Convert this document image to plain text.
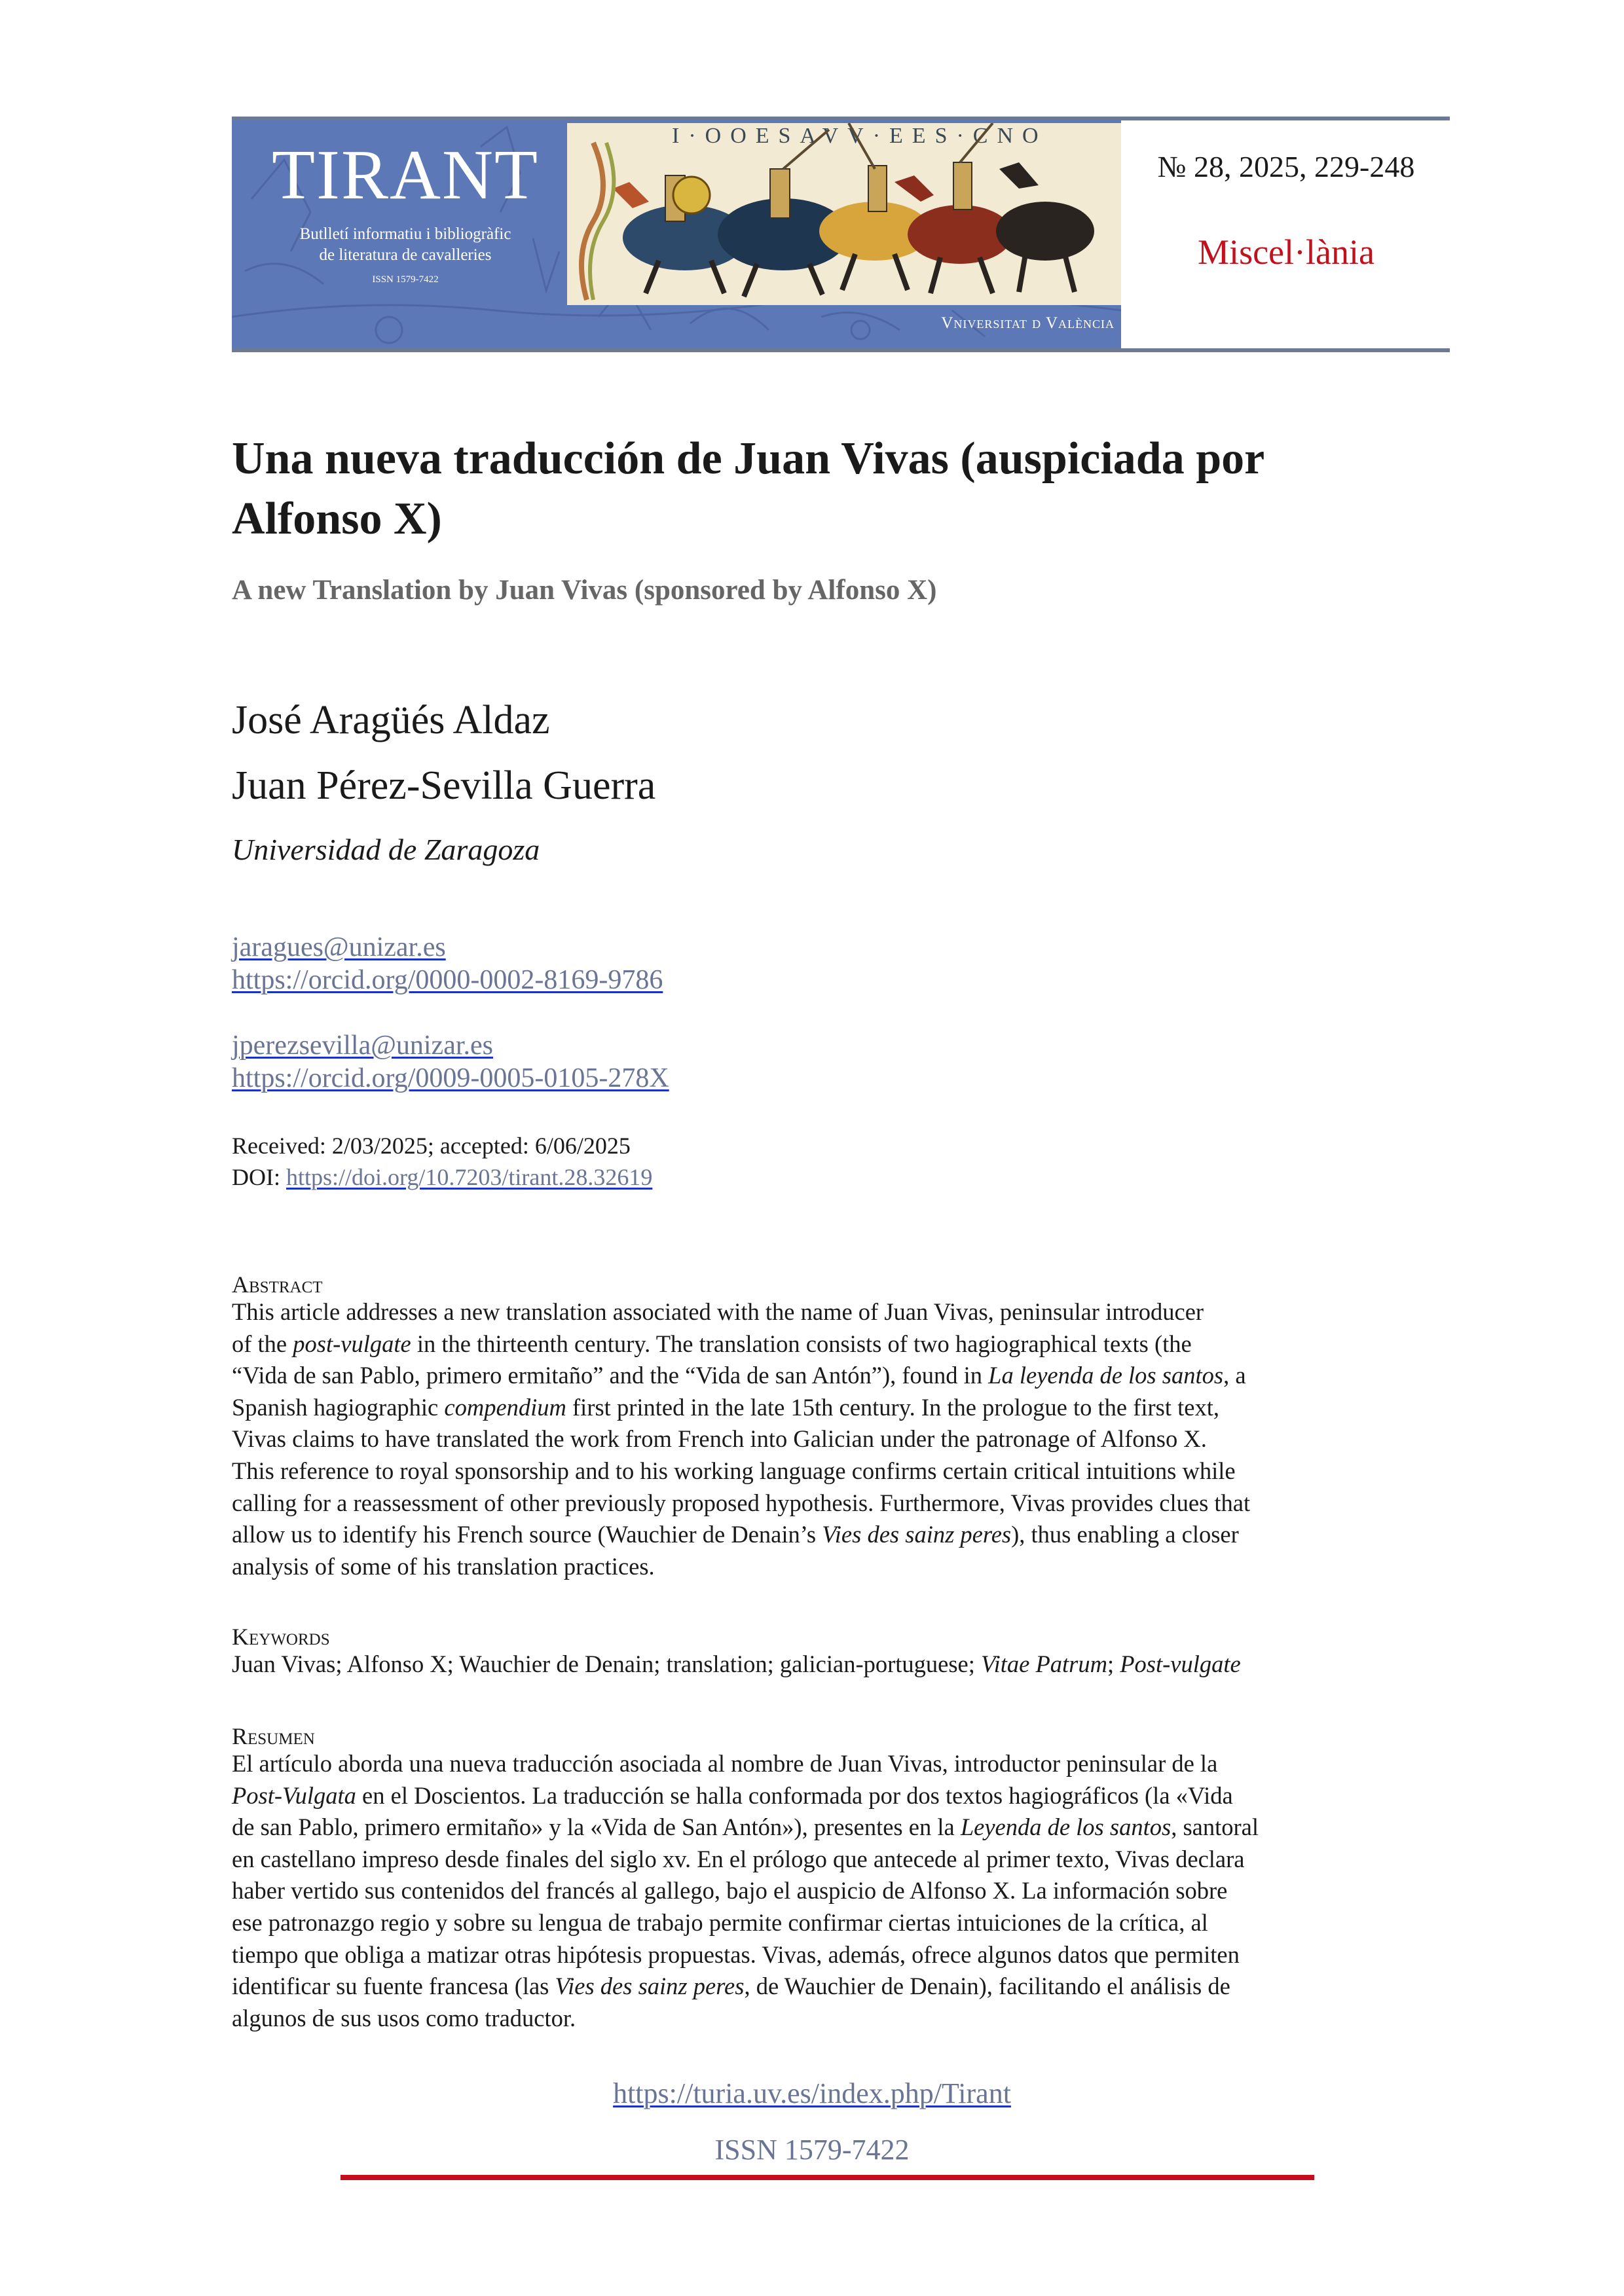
TIRANT
Butlletí informatiu i bibliogràfic
de literatura de cavalleries
ISSN 1579-7422
I·OOESAVV·EES·CNO
Vniversitat d València
№ 28, 2025, 229-248
Miscel·lània
Una nueva traducción de Juan Vivas (auspiciada por
Alfonso X)
A new Translation by Juan Vivas (sponsored by Alfonso X)
José Aragüés Aldaz
Juan Pérez-Sevilla Guerra
Universidad de Zaragoza
jaragues@unizar.es
https://orcid.org/0000-0002-8169-9786
jperezsevilla@unizar.es
https://orcid.org/0009-0005-0105-278X
Received: 2/03/2025; accepted: 6/06/2025
DOI: https://doi.org/10.7203/tirant.28.32619
Abstract
This article addresses a new translation associated with the name of Juan Vivas, peninsular introducer
of the post-vulgate in the thirteenth century. The translation consists of two hagiographical texts (the
“Vida de san Pablo, primero ermitaño” and the “Vida de san Antón”), found in La leyenda de los santos, a
Spanish hagiographic compendium first printed in the late 15th century. In the prologue to the first text,
Vivas claims to have translated the work from French into Galician under the patronage of Alfonso X.
This reference to royal sponsorship and to his working language confirms certain critical intuitions while
calling for a reassessment of other previously proposed hypothesis. Furthermore, Vivas provides clues that
allow us to identify his French source (Wauchier de Denain’s Vies des sainz peres), thus enabling a closer
analysis of some of his translation practices.
Keywords
Juan Vivas; Alfonso X; Wauchier de Denain; translation; galician-portuguese; Vitae Patrum; Post-vulgate
Resumen
El artículo aborda una nueva traducción asociada al nombre de Juan Vivas, introductor peninsular de la
Post-Vulgata en el Doscientos. La traducción se halla conformada por dos textos hagiográficos (la «Vida
de san Pablo, primero ermitaño» y la «Vida de San Antón»), presentes en la Leyenda de los santos, santoral
en castellano impreso desde finales del siglo xv. En el prólogo que antecede al primer texto, Vivas declara
haber vertido sus contenidos del francés al gallego, bajo el auspicio de Alfonso X. La información sobre
ese patronazgo regio y sobre su lengua de trabajo permite confirmar ciertas intuiciones de la crítica, al
tiempo que obliga a matizar otras hipótesis propuestas. Vivas, además, ofrece algunos datos que permiten
identificar su fuente francesa (las Vies des sainz peres, de Wauchier de Denain), facilitando el análisis de
algunos de sus usos como traductor.
https://turia.uv.es/index.php/Tirant
ISSN 1579-7422
